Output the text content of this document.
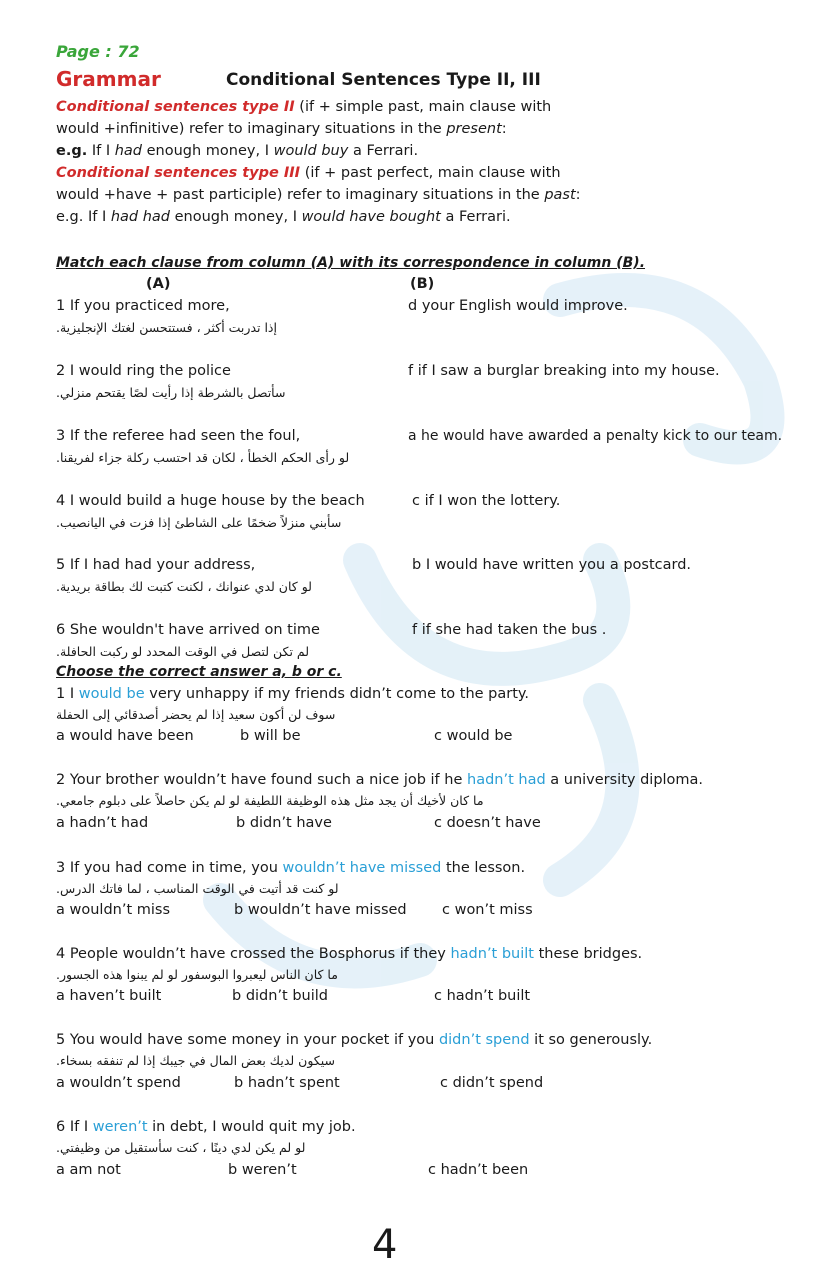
Page : 72
Grammar	Conditional Sentences Type II, III
Conditional sentences type II (if + simple past, main clause with
would +infinitive) refer to imaginary situations in the present:
e.g. If I had enough money, I would buy a Ferrari.
Conditional sentences type III (if + past perfect, main clause with
would +have + past participle) refer to imaginary situations in the past:
e.g. If I had had enough money, I would have bought a Ferrari.
Match each clause from column (A) with its correspondence in column (B).
(A)	(B)
1 If you practiced more,
إذا تدربت أكثر ، فستتحسن لغتك الإنجليزية.
d your English would improve.
2 I would ring the police
سأتصل بالشرطة إذا رأيت لصًا يقتحم منزلي.
f if I saw a burglar breaking into my house.
3 If the referee had seen the foul,
لو رأى الحكم الخطأ ، لكان قد احتسب ركلة جزاء لفريقنا.
a he would have awarded a penalty kick to our team.
4 I would build a huge house by the beach
سأبني منزلاً ضخمًا على الشاطئ إذا فزت في اليانصيب.
c if I won the lottery.
5 If I had had your address,
لو كان لدي عنوانك ، لكنت كتبت لك بطاقة بريدية.
b I would have written you a postcard.
6 She wouldn't have arrived on time
لم تكن لتصل في الوقت المحدد لو ركبت الحافلة.
f if she had taken the bus .
Choose the correct answer a, b or c.
1 I would be very unhappy if my friends didn’t come to the party.
سوف لن أكون سعيد إذا لم يحضر أصدقائي إلى الحفلة
a would have been	b will be	c would be
2 Your brother wouldn’t have found such a nice job if he hadn’t had a university diploma.
ما كان لأخيك أن يجد مثل هذه الوظيفة اللطيفة لو لم يكن حاصلاً على دبلوم جامعي.
a hadn’t had	b didn’t have	c doesn’t have
3 If you had come in time, you wouldn’t have missed the lesson.
لو كنت قد أتيت في الوقت المناسب ، لما فاتك الدرس.
a wouldn’t miss	b wouldn’t have missed c won’t miss
4 People wouldn’t have crossed the Bosphorus if they hadn’t built these bridges.
ما كان الناس ليعبروا البوسفور لو لم يبنوا هذه الجسور.
a haven’t built	b didn’t build	c hadn’t built
5 You would have some money in your pocket if you didn’t spend it so generously.
سيكون لديك بعض المال في جيبك إذا لم تنفقه بسخاء.
a wouldn’t spend	b hadn’t spent	c didn’t spend
6 If I weren’t in debt, I would quit my job.
لو لم يكن لدي دينًا ، كنت سأستقيل من وظيفتي.
a am not	b weren’t	c hadn’t been
4
